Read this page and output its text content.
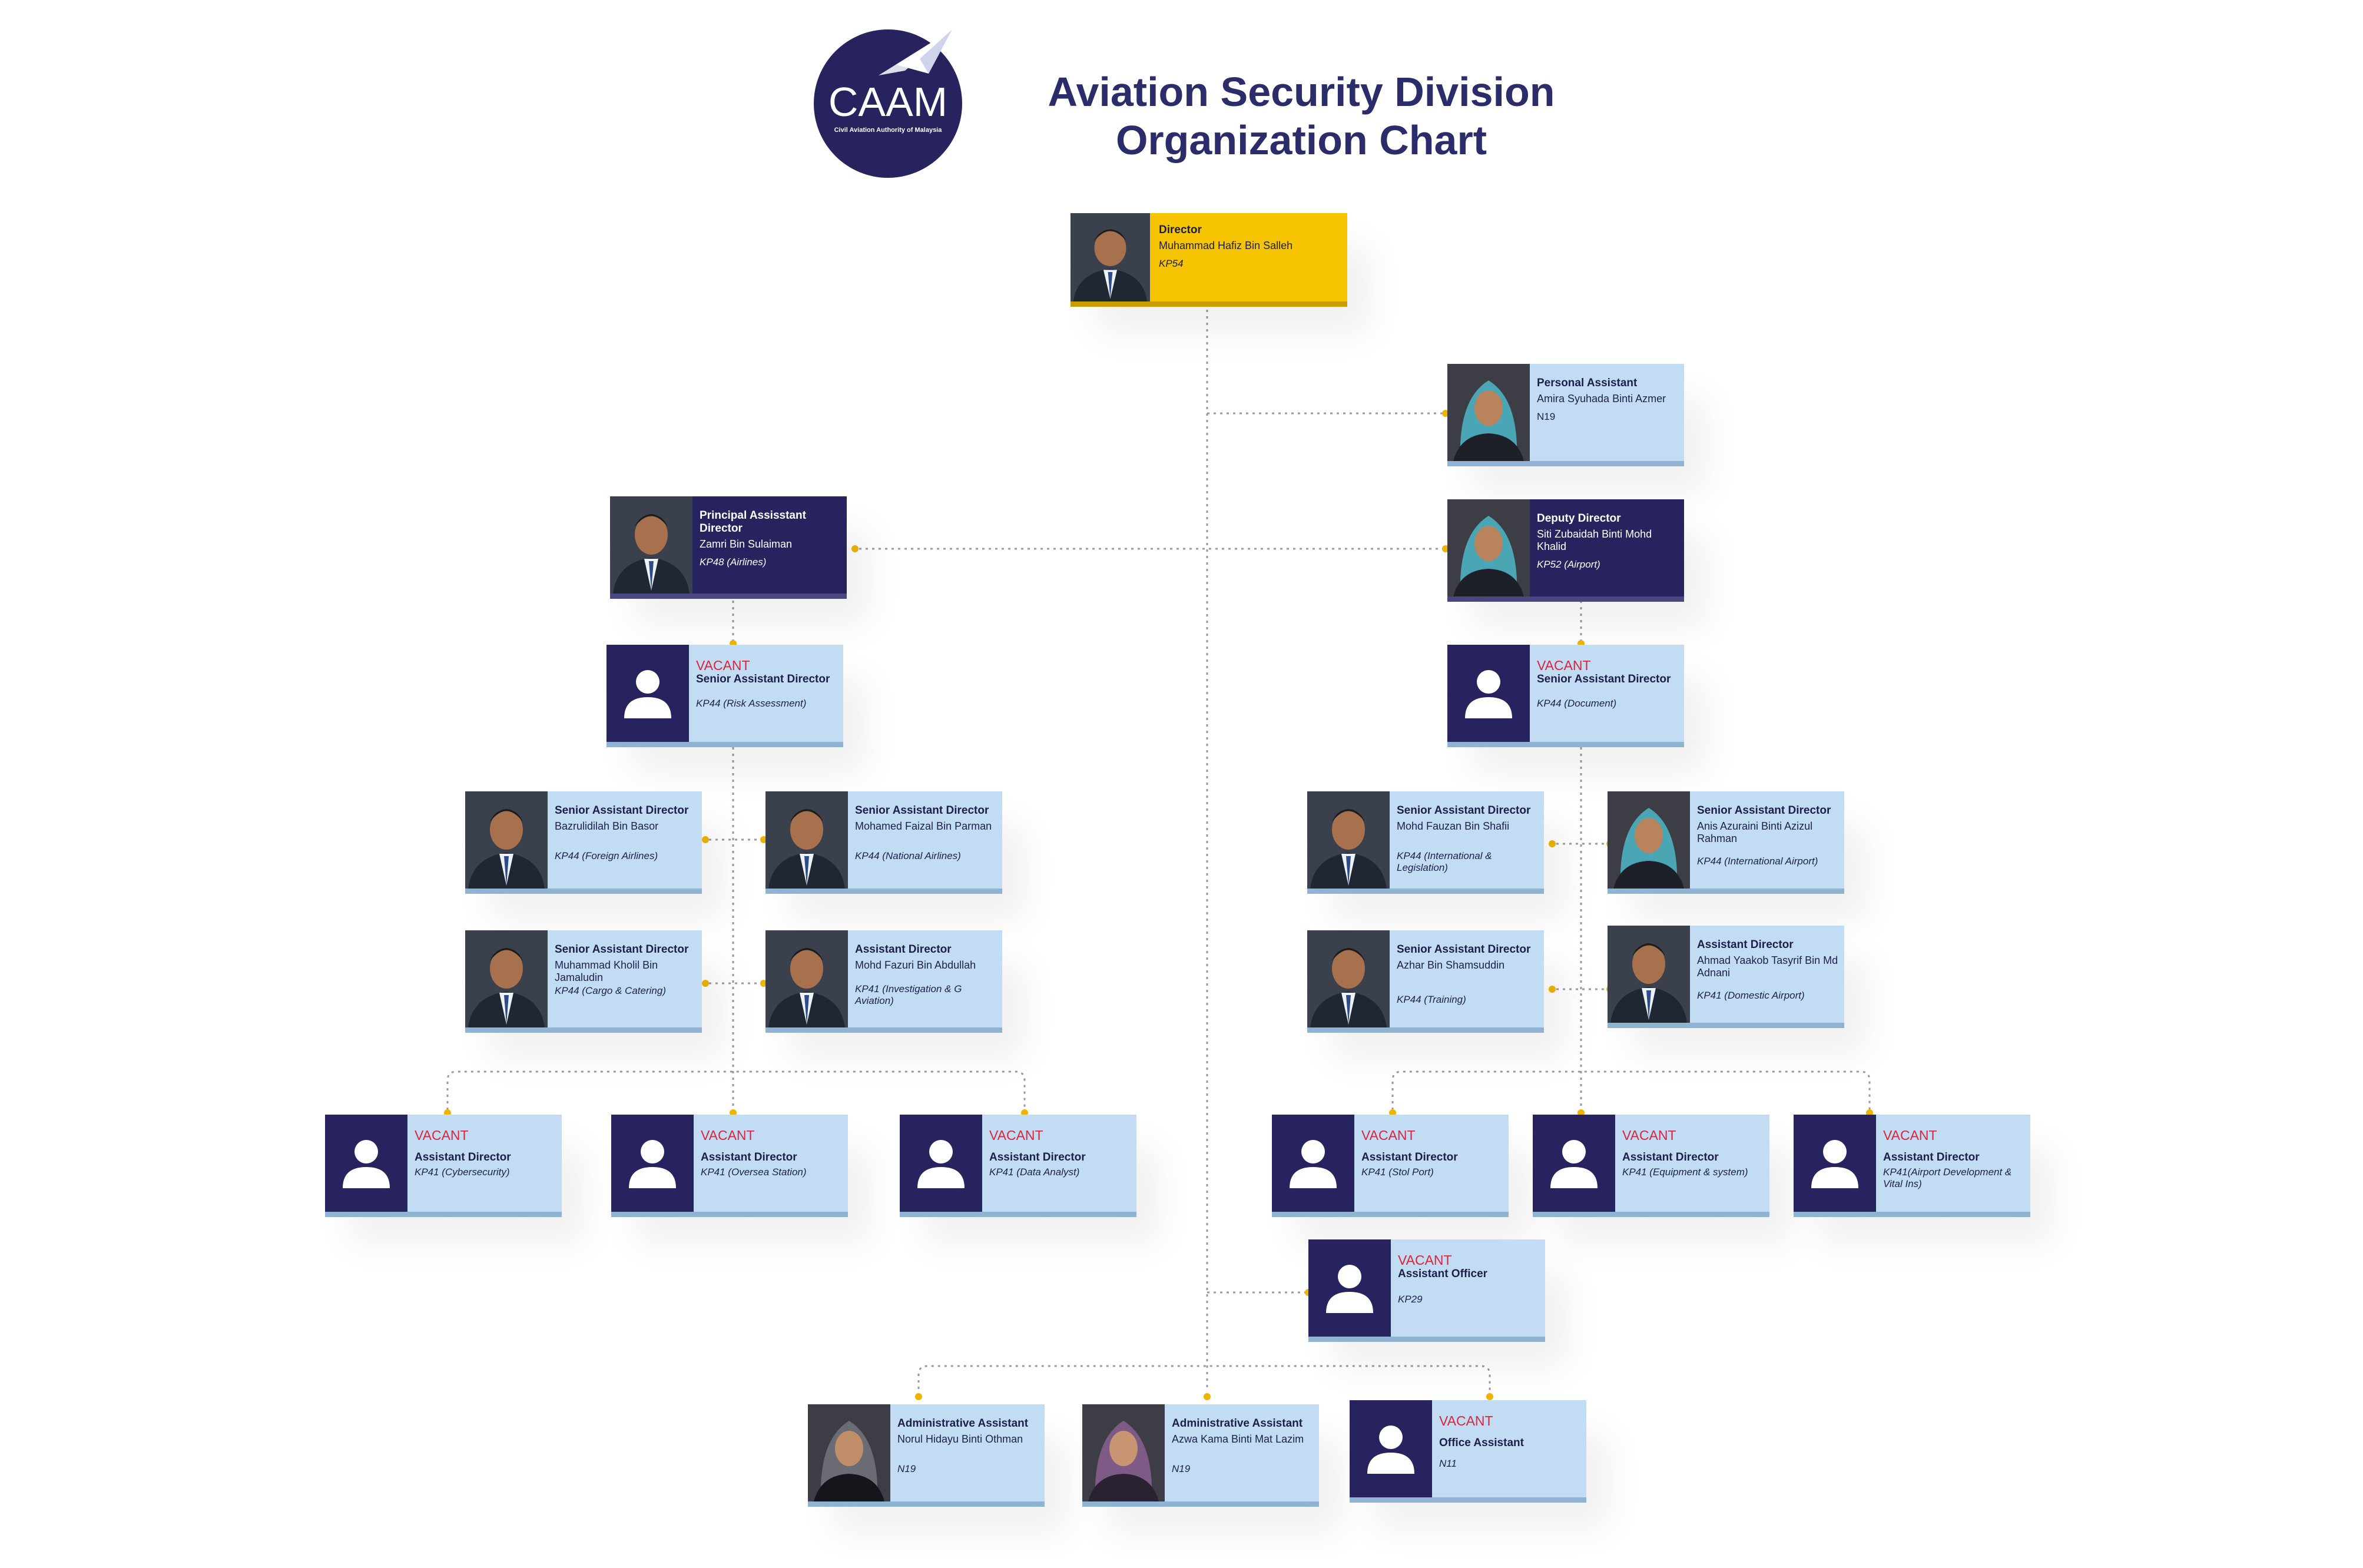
CAAM
Civil Aviation Authority of Malaysia
Aviation Security Division
Organization Chart
Director
Muhammad Hafiz Bin Salleh
KP54
Personal Assistant
Amira Syuhada Binti Azmer
N19
Principal Assisstant Director
Zamri Bin Sulaiman
KP48 (Airlines)
Deputy Director
Siti Zubaidah Binti Mohd Khalid
KP52 (Airport)
VACANT
Senior Assistant Director
KP44 (Risk Assessment)
VACANT
Senior Assistant Director
KP44 (Document)
Senior Assistant Director
Bazrulidilah Bin Basor
KP44 (Foreign Airlines)
Senior Assistant Director
Mohamed Faizal Bin Parman
KP44 (National Airlines)
Senior Assistant Director
Muhammad Kholil Bin Jamaludin
KP44 (Cargo & Catering)
Assistant Director
Mohd Fazuri Bin Abdullah
KP41 (Investigation & G Aviation)
Senior Assistant Director
Mohd Fauzan Bin Shafii
KP44 (International & Legislation)
Senior Assistant Director
Anis Azuraini Binti Azizul Rahman
KP44 (International Airport)
Senior Assistant Director
Azhar Bin Shamsuddin
KP44 (Training)
Assistant Director
Ahmad Yaakob Tasyrif Bin Md Adnani
KP41 (Domestic Airport)
VACANT
Assistant Director
KP41 (Cybersecurity)
VACANT
Assistant Director
KP41 (Oversea Station)
VACANT
Assistant Director
KP41 (Data Analyst)
VACANT
Assistant Director
KP41 (Stol Port)
VACANT
Assistant Director
KP41 (Equipment & system)
VACANT
Assistant Director
KP41(Airport Development & Vital Ins)
VACANT
Assistant Officer
KP29
Administrative Assistant
Norul Hidayu Binti Othman
N19
Administrative Assistant
Azwa Kama Binti Mat Lazim
N19
VACANT
Office Assistant
N11
